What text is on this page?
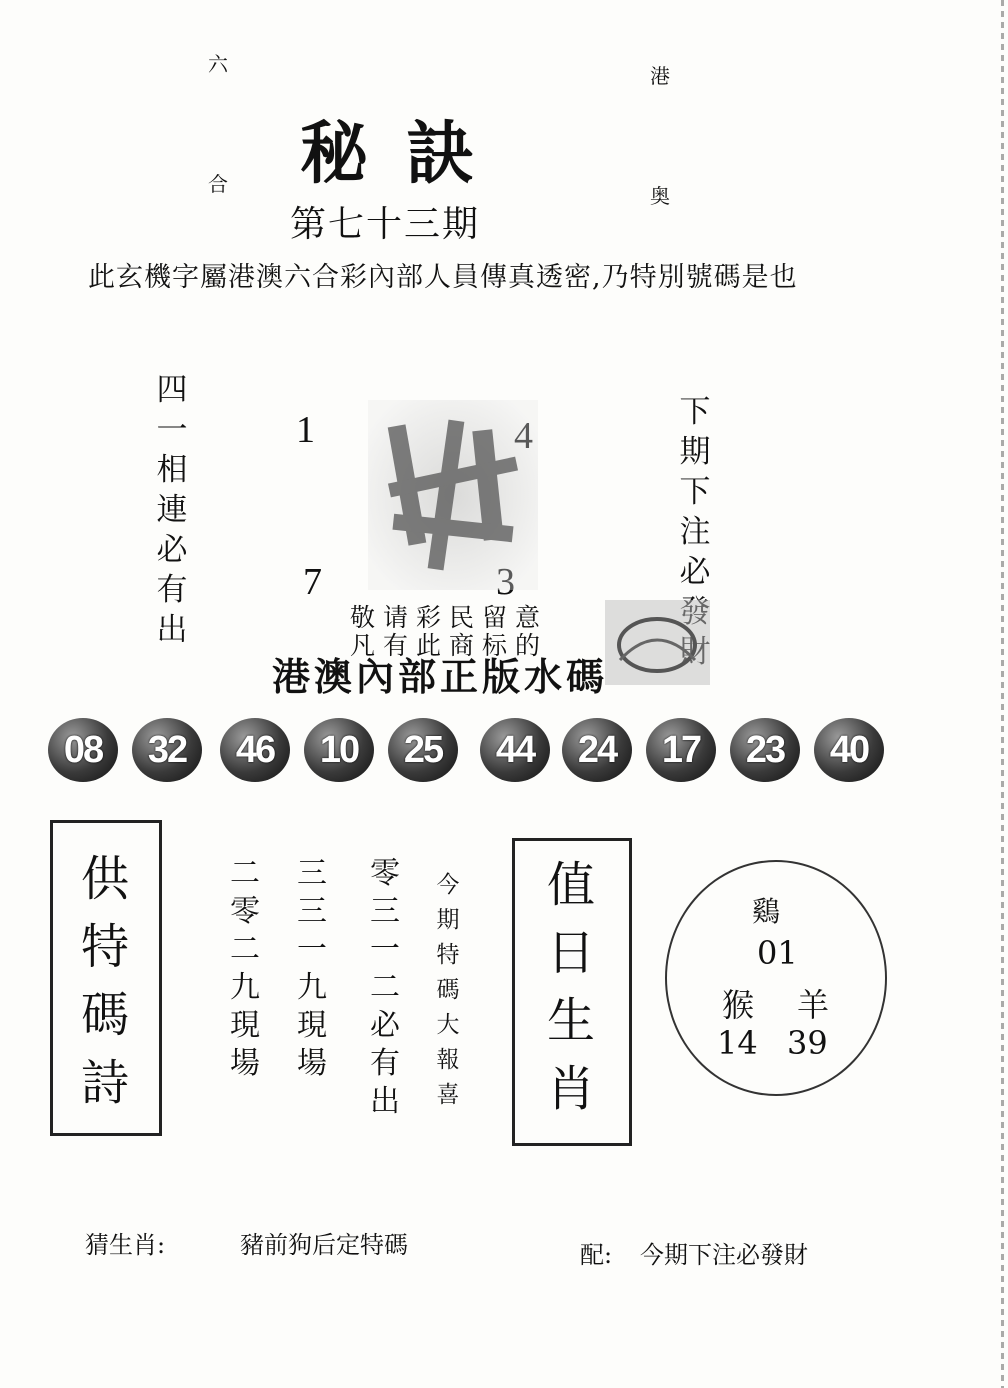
六	港
合	奥
秘訣
第七十三期
此玄機字屬港澳六合彩內部人員傳真透密,乃特別號碼是也
四
一
相
連
必
有
出
下
期
下
注
必
1	4
7	3
敬请彩民留意
凡有此商标的
港澳內部正版水碼
08	32	46	10	25	44	24	17	23	40
供
特
碼
詩
二
零
二
九
現
場
三
三
一
九
現
場
零
三
一
二
必
有
出
今
期
特
碼
大
報
喜
值
日
生
肖
鷄
01
猴 羊
14 39
猜生肖:	豬前狗后定特碼	配: 今期下注必發財
